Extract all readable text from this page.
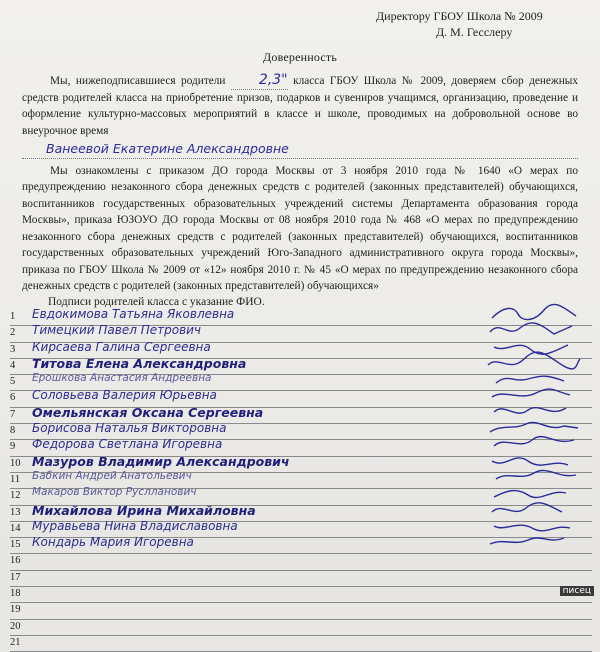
Директору ГБОУ Школа № 2009
Д. М. Гесслеру
Доверенность

Мы, нижеподписавшиеся родители 2,3" класса ГБОУ Школа № 2009, доверяем сбор денежных средств родителей класса на приобретение призов, подарков и сувениров учащимся, организацию, проведение и оформление культурно-массовых мероприятий в классе и школе, проводимых на добровольной основе во внеурочное время

Ванеевой Екатерине Александровне

Мы ознакомлены с приказом ДО города Москвы от 3 ноября 2010 года № 1640 «О мерах по предупреждению незаконного сбора денежных средств с родителей (законных представителей) обучающихся, воспитанников государственных образовательных учреждений системы Департамента образования города Москвы», приказа ЮЗОУО ДО города Москвы от 08 ноября 2010 года № 468 «О мерах по предупреждению незаконного сбора денежных средств с родителей (законных представителей) обучающихся, воспитанников государственных образовательных учреждений Юго-Западного административного округа города Москвы», приказа по ГБОУ Школа № 2009 от «12» ноября 2010 г. № 45 «О мерах по предупреждению незаконного сбора денежных средств с родителей (законных представителей) обучающихся»

Подписи родителей класса с указание ФИО.
1	Евдокимова Татьяна Яковлевна
2	Тимецкий Павел Петрович
3	Кирсаева Галина Сергеевна
4	Титова Елена Александровна
5	Ерошкова Анастасия Андреевна
6	Соловьева Валерия Юрьевна
7	Омельянская Оксана Сергеевна
8	Борисова Наталья Викторовна
9	Федорова Светлана Игоревна
10 Мазуров Владимир Александрович
11	Бабкин Андрей Анатольевич
12	Макаров Виктор Руслланович
13 Михайлова Ирина Михайловна
14 Муравьева Нина Владиславовна
15 Кондарь Мария Игоревна
16
17
18
19
20
21
писец
